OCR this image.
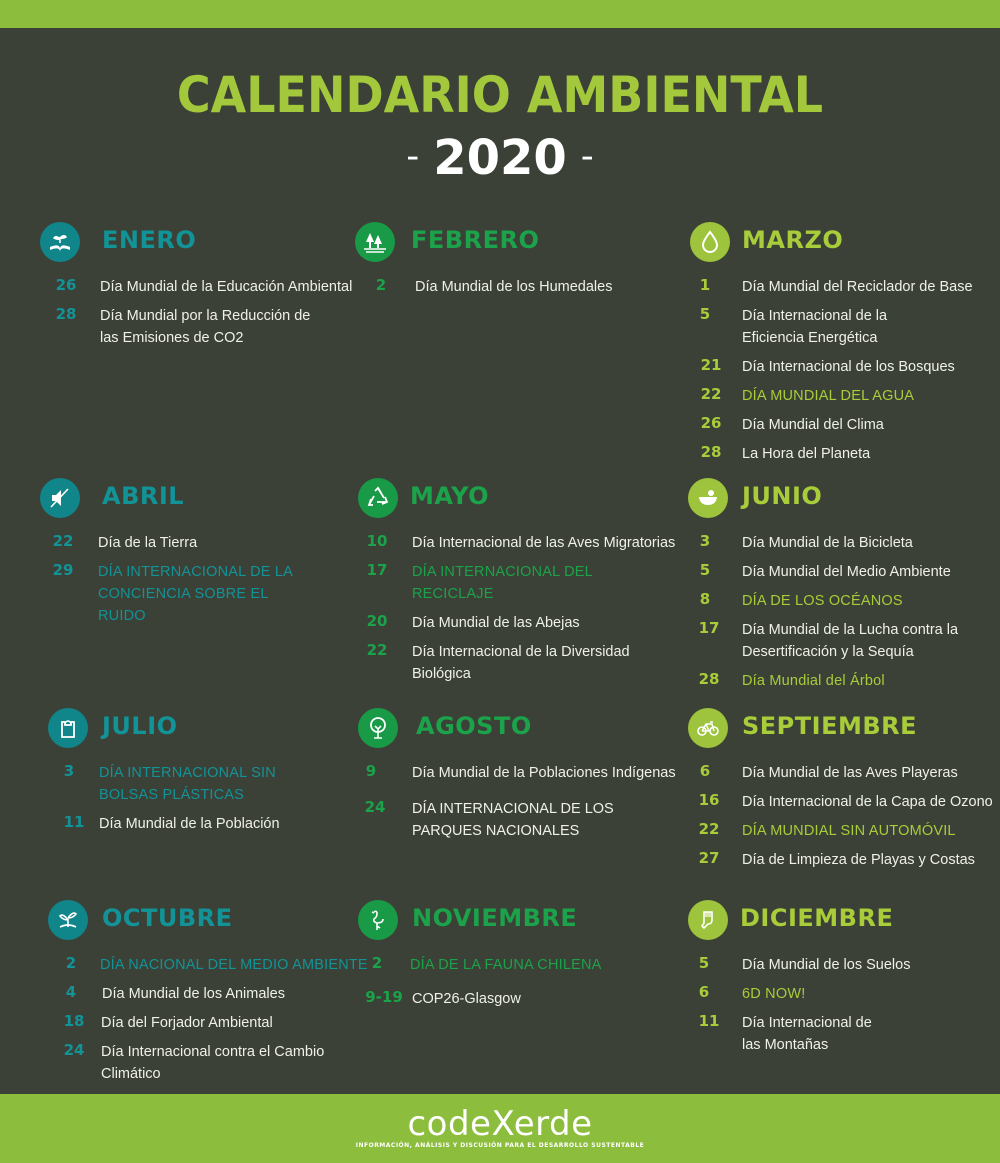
CALENDARIO AMBIENTAL
- 2020 -
ENERO
26	Día Mundial de la Educación Ambiental
28	Día Mundial por la Reducción de las Emisiones de CO2
FEBRERO
2	Día Mundial de los Humedales
MARZO
1	Día Mundial del Reciclador de Base
5	Día Internacional de la Eficiencia Energética
21	Día Internacional de los Bosques
22	DÍA MUNDIAL DEL AGUA
26	Día Mundial del Clima
28	La Hora del Planeta
ABRIL
22	Día de la Tierra
29	DÍA INTERNACIONAL DE LA CONCIENCIA SOBRE EL RUIDO
MAYO
10	Día Internacional de las Aves Migratorias
17	DÍA INTERNACIONAL DEL RECICLAJE
20	Día Mundial de las Abejas
22	Día Internacional de la Diversidad Biológica
JUNIO
3	Día Mundial de la Bicicleta
5	Día Mundial del Medio Ambiente
8	DÍA DE LOS OCÉANOS
17	Día Mundial de la Lucha contra la Desertificación y la Sequía
28	Día Mundial del Árbol
JULIO
3	DÍA INTERNACIONAL SIN BOLSAS PLÁSTICAS
11	Día Mundial de la Población
AGOSTO
9	Día Mundial de la Poblaciones Indígenas
24	DÍA INTERNACIONAL DE LOS PARQUES NACIONALES
SEPTIEMBRE
6	Día Mundial de las Aves Playeras
16	Día Internacional de la Capa de Ozono
22	DÍA MUNDIAL SIN AUTOMÓVIL
27	Día de Limpieza de Playas y Costas
OCTUBRE
2	DÍA NACIONAL DEL MEDIO AMBIENTE
4	Día Mundial de los Animales
18	Día del Forjador Ambiental
24	Día Internacional contra el Cambio Climático
NOVIEMBRE
2	DÍA DE LA FAUNA CHILENA
9-19 COP26-Glasgow
DICIEMBRE
5	Día Mundial de los Suelos
6	6D NOW!
11	Día Internacional de las Montañas
codeXerde
INFORMACIÓN, ANÁLISIS Y DISCUSIÓN PARA EL DESARROLLO SUSTENTABLE
